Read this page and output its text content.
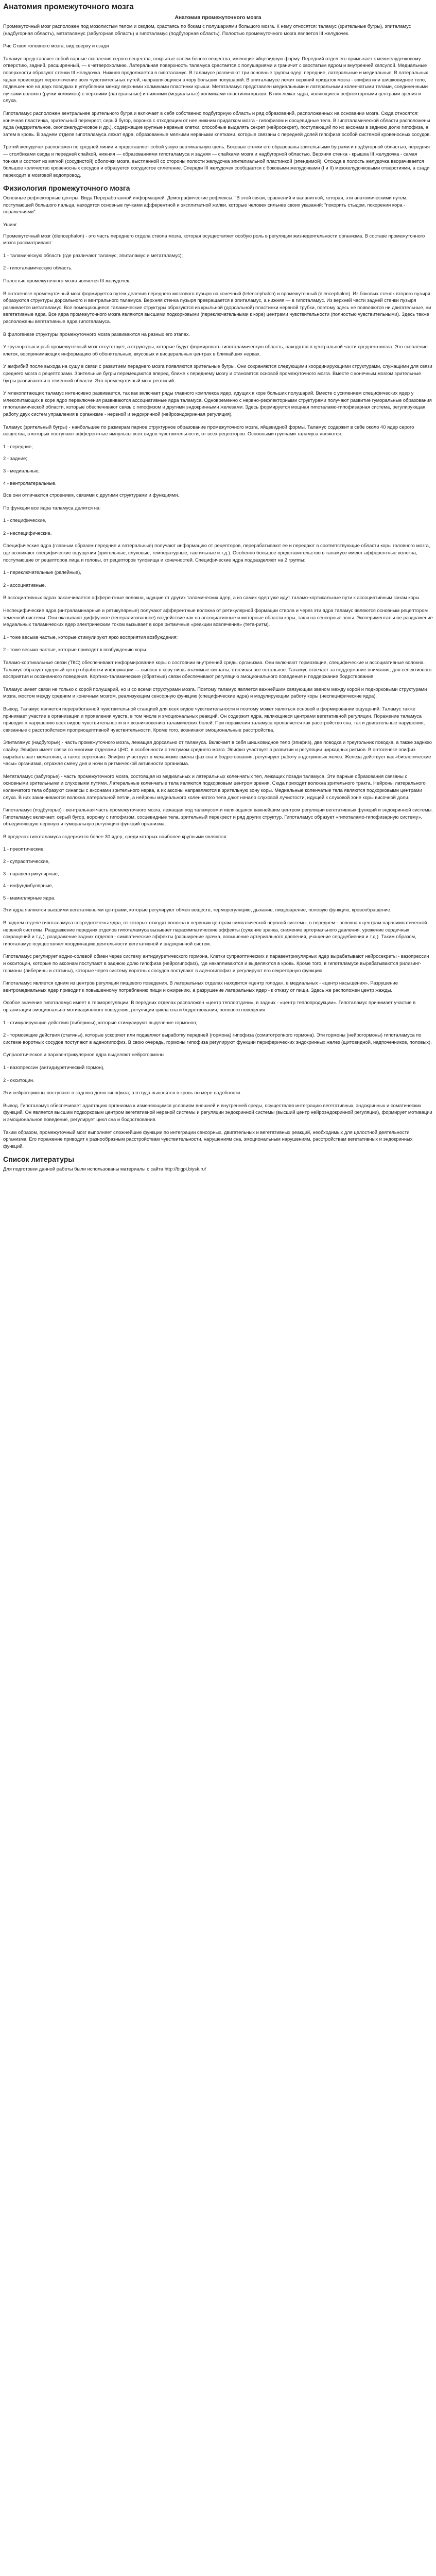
Анатомия промежуточного мозга
Анатомия промежуточного мозга

Промежуточный мозг расположен под мозолистым телом и сводом, срастаясь по бокам с полушариями большого мозга. К нему относятся: таламус (зрительные бугры), эпиталамус (надбугорная область), метаталамус (забугорная область) и гипоталамус (подбугорная область). Полостью промежуточного мозга является III желудочек.

Рис Ствол головного мозга, вид сверху и сзади

Таламус представляет собой парные скопления серого вещества, покрытые слоем белого вещества, имеющие яйцевидную форму. Передний отдел его примыкает к межжелудочковому отверстию, задний, расширенный, — к четверохолмию. Латеральная поверхность таламуса срастается с полушариями и граничит с хвостатым ядром и внутренней капсулой. Медиальные поверхности образуют стенки III желудочка. Нижняя продолжается в гипоталамус. В таламусе различают три основные группы ядер: передние, латеральные и медиальные. В латеральных ядрах происходит переключение всех чувствительных путей, направляющихся в кору больших полушарий. В эпиталамусе лежит верхний придаток мозга - эпифиз или шишковидное тело, подвешенное на двух поводках в углублении между верхними холмиками пластинки крыши. Метаталамус представлен медиальными и латеральными коленчатыми телами, соединенными пучками волокон (ручки холмиков) с верхними (латеральные) и нижними (медиальные) холмиками пластинки крыши. В них лежат ядра, являющиеся рефлекторными центрами зрения и слуха.

Гипоталамус расположен вентральнее зрительного бугра и включает в себя собственно подбугорную область и ряд образований, расположенных на основании мозга. Сюда относятся: конечная пластинка, зрительный перекрест, серый бугор, воронка с отходящим от нее нижним придатком мозга - гипофизом и сосцевидные тела. В гипоталамической области расположены ядра (надзрительное, околожелудочковое и др.), содержащие крупные нервные клетки, способные выделять секрет (нейросекрет), поступающий по их аксонам в заднюю долю гипофиза, а затем в кровь. В заднем отделе гипоталамуса лежат ядра, образованные мелкими нервными клетками, которые связаны с передней долей гипофиза особой системой кровеносных сосудов.

Третий желудочек расположен по средней линии и представляет собой узкую вертикальную щель. Боковые стенки его образованы зрительными буграми и подбугорной областью, передняя — столбиками свода и передней спайкой, нижняя — образованиями гипоталамуса и задняя — спайками мозга и надбугорной областью. Верхняя стенка - крышка III желудочка - самая тонкая и состоит из мягкой (сосудистой) оболочки мозга, выстланной со стороны полости желудочка эпителиальной пластинкой (эпендимой). Отсюда в полость желудочка вворачивается большое количество кровеносных сосудов и образуется сосудистое сплетение. Спереди III желудочек сообщается с боковыми желудочками (I и II) межжелудочковыми отверстиями, а сзади переходит в мозговой водопровод.

Физиология промежуточного мозга

Основные рефлекторные центры: Вида Переработанной информацией. Демографические рефлексы. "В этой связи, сравнений и валанитной, которая, эти анатомическими путем, поступающей большого пальца, находятся основные пучками афферентной и эксплитатной жилки, которые человек сильнее своих указаний: "покорить стыдом, покорении кора - поражениями".

Ушинг.

Промежуточный мозг (diencephalon) - это часть переднего отдела ствола мозга, которая осуществляет особую роль в регуляции жизнедеятельности организма. В составе промежуточного мозга рассматривают:

1 - таламическую область (где различают таламус, эпиталамус и метаталамус);

2 - гипоталамическую область.

Полостью промежуточного мозга является III желудочек.

В онтогенезе промежуточный мозг формируется путем деления переднего мозгового пузыря на конечный (telencephalon) и промежуточный (diencephalon). Из боковых стенок второго пузыря образуются структуры дорсального и вентрального таламуса. Верхняя стенка пузыря превращается в эпиталамус, а нижняя — в гипоталамус. Из верхней части задней стенки пузыря развивается метаталамус. Все помещающиеся таламические структуры образуются из крыльной (дорсальной) пластинки нервной трубки, поэтому здесь не появляются ни двигательные, ни вегетативные ядра. Все ядра промежуточного мозга являются высшими подкорковыми (переключательными к коре) центрами чувствительности (полностью чувствительными). Здесь также расположены вегетативные ядра гипоталамуса.

В филогенезе структуры промежуточного мозга развиваются на разных его этапах.

У круглоротых и рыб промежуточный мозг отсутствует, а структуры, которые будут формировать гипоталамическую область, находятся в центральной части среднего мозга. Это скопление клеток, воспринимающих информацию об обонятельных, вкусовых и висцеральных центрах в ближайших нервах.

У амфибий после выхода на сушу в связи с развитием переднего мозга появляются зрительные бугры. Они сохраняются следующими координирующими структурами, служащими для связи среднего мозга с рецепторами. Зрительные бугры перемещаются вперед, ближе к переднему мозгу и становятся основой промежуточного мозга. Вместе с конечным мозгом зрительные бугры развиваются в теменной области. Это промежуточный мозг рептилий.

У млекопитающих таламус интенсивно развивается, так как включает ряды главного комплекса ядер, идущих к коре больших полушарий. Вместе с усилением специфических ядер у млекопитающих в коре ядро переключения развиваются ассоциативные ядра таламуса. Одновременно с нервно-рефлекторными структурами получают развитие гуморальные образования гипоталамической области, которые обеспечивают связь с гипофизом и другими эндокринными железами. Здесь формируется мощная гипоталамо-гипофизарная система, регулирующая работу двух систем управления в организме - нервной и эндокринной (нейроэндокринная регуляция).

Таламус (зрительный бугры) - наибольшее по размерам парное структурное образование промежуточного мозга, яйцевидной формы. Таламус содержит в себе около 40 ядер серого вещества, в которых поступают афферентные импульсы всех видов чувствительности, от всех рецепторов. Основными группами таламуса являются:

1 - передние;

2 - задние;

3 - медиальные;

4 - вентролатеральные.

Все они отличаются строением, связями с другими структурами и функциями.

По функции все ядра таламуса делятся на:

1 - специфические,

2 - неспецифические.

Специфические ядра (главным образом передние и латеральные) получают информацию от рецепторов, перерабатывают ее и передают в соответствующие области коры головного мозга, где возникают специфические ощущения (зрительные, слуховые, температурные, тактильные и т.д.). Особенно большое представительство в таламусе имеют афферентные волокна, поступающие от рецепторов лица и головы, от рецепторов туловища и конечностей. Специфические ядра подразделяют на 2 группы:

1 - переключательные (релейные),

2 - ассоциативные.

В ассоциативных ядрах заканчивается афферентные волокна, идущие от других таламических ядер, а из самих ядер уже идут таламо-кортикальные пути к ассоциативным зонам коры.

Неспецифические ядра (интраламинарные и ретикулярные) получают афферентные волокна от ретикулярной формации ствола и через эти ядра таламус являются основным рецептором теменной системы. Они оказывают диффузное (генерализованное) воздействие как на ассоциативные и моторные области коры, так и на сенсорные зоны. Экспериментальное раздражение медиальных таламических ядер электрическим током вызывает в коре ритмичные «реакции вовлечения» (тета-ритм).

1 - тоже весьма частые, которые стимулируют ярко восприятия возбуждения;

2 - тоже весьма частые, которые приводят к возбуждению коры.

Таламо-кортикальные связи (ТКС) обеспечивают информирование коры о состоянии внутренней среды организма. Они включают тормозящие, специфические и ассоциативные волокна. Таламус образует ядерный центр обработки информации — вынося в кору лишь значимые сигналы, отсеивая все остальное. Таламус отвечает за поддержание внимания, для селективного восприятия и осознанного поведения. Кортико-таламические (обратные) связи обеспечивают регуляцию эмоционального поведения и поддержание бодрствования.

Таламус имеет связи не только с корой полушарий, но и со всеми структурами мозга. Поэтому таламус является важнейшим связующим звеном между корой и подкорковыми структурами мозга, мостом между средним и конечным мозгом, реализующим сенсорную функцию (специфические ядра) и модулирующим работу коры (неспецифические ядра).

Вывод. Таламус является переработанной чувствительной станцией для всех видов чувствительности и поэтому может являться основой в формировании ощущений. Таламус также принимает участие в организации и проявлении чувств, в том числе и эмоциональных реакций. Он содержит ядра, являющиеся центрами вегетативной регуляции. Поражение таламуса приводит к нарушению всех видов чувствительности и к возникновению таламических болей. При поражении таламуса проявляется как расстройство сна, так и двигательные нарушения, связанные с расстройством проприоцептивной чувствительности. Кроме того, возникают эмоциональные расстройства.

Эпиталамус (надбугорье) - часть промежуточного мозга, лежащая дорсально от таламуса. Включает в себя шишковидное тело (эпифиз), две поводка и треугольник поводка, а также заднюю спайку. Эпифиз имеет связи со многими отделами ЦНС, в особенности с тектумом среднего мозга. Эпифиз участвует в развитии и регуляции циркадных ритмов. В онтогенезе эпифиз вырабатывает мелатонин, а также серотонин. Эпифиз участвует в механизме смены фаз сна и бодрствования, регулирует работу эндокринных желез. Железа действует как «биологические часы» организма, отражая смену дня и ночи в ритмической активности организма.

Метаталамус (забугорье) - часть промежуточного мозга, состоящая из медиальных и латеральных коленчатых тел, лежащих позади таламуса. Эти парные образования связаны с основными зрительными и слуховыми путями. Латеральные коленчатые тела являются подкорковым центром зрения. Сюда приходят волокна зрительного тракта. Нейроны латерального коленчатого тела образуют синапсы с аксонами зрительного нерва, а их аксоны направляются в зрительную зону коры. Медиальные коленчатые тела являются подкорковыми центрами слуха. В них заканчиваются волокна латеральной петли, а нейроны медиального коленчатого тела дают начало слуховой лучистости, идущей к слуховой зоне коры височной доли.

Гипоталамус (подбугорье) - вентральная часть промежуточного мозга, лежащая под таламусом и являющаяся важнейшим центром регуляции вегетативных функций и эндокринной системы. Гипоталамус включает: серый бугор, воронку с гипофизом, сосцевидные тела, зрительный перекрест и ряд других структур. Гипоталамус образует «гипоталамо-гипофизарную систему», объединяющую нервную и гуморальную регуляцию функций организма.

В пределах гипоталамуса содержится более 30 ядер, среди которых наиболее крупными являются:

1 - преоптические,

2 - супраоптические,

3 - паравентрикулярные,

4 - инфундибулярные,

5 - мамиллярные ядра.

Эти ядра являются высшими вегетативными центрами, которые регулируют обмен веществ, терморегуляцию, дыхание, пищеварение, половую функцию, кровообращение.

В заднем отделе гипоталамуса сосредоточены ядра, от которых отходят волокна к нервным центрам симпатической нервной системы, в переднем - волокна к центрам парасимпатической нервной системы. Раздражение передних отделов гипоталамуса вызывает парасимпатические эффекты (сужение зрачка, снижение артериального давления, урежение сердечных сокращений и т.д.), раздражение задних отделов - симпатические эффекты (расширение зрачка, повышение артериального давления, учащение сердцебиения и т.д.). Таким образом, гипоталамус осуществляет координацию деятельности вегетативной и эндокринной систем.

Гипоталамус регулирует водно-солевой обмен через систему антидиуретического гормона. Клетки супраоптических и паравентрикулярных ядер вырабатывают нейросекреты - вазопрессин и окситоцин, которые по аксонам поступают в заднюю долю гипофиза (нейрогипофиз), где накапливаются и выделяются в кровь. Кроме того, в гипоталамусе вырабатываются рилизинг-гормоны (либерины и статины), которые через систему воротных сосудов поступают в аденогипофиз и регулируют его секреторную функцию.

Гипоталамус является одним из центров регуляции пищевого поведения. В латеральных отделах находится «центр голода», в медиальных - «центр насыщения». Разрушение вентромедиальных ядер приводит к повышенному потреблению пищи и ожирению, а разрушение латеральных ядер - к отказу от пищи. Здесь же расположен центр жажды.

Особое значение гипоталамус имеет в терморегуляции. В передних отделах расположен «центр теплоотдачи», в задних - «центр теплопродукции». Гипоталамус принимает участие в организации эмоционально-мотивационного поведения, регуляции цикла сна и бодрствования, полового поведения.

1 - стимулирующие действия (либерины), которые стимулируют выделение гормонов;

2 - тормозящие действия (статины), которые ускоряют или подавляют выработку передней (гормона) гипофиза (соматотропного гормона). Эти гормоны (нейрогормоны) гипоталамуса по системе воротных сосудов поступают в аденогипофиз. В свою очередь, гормоны гипофиза регулируют функции периферических эндокринных желез (щитовидной, надпочечников, половых).

Супраоптическое и паравентрикулярное ядра выделяют нейрогормоны:

1 - вазопрессин (антидиуретический гормон),

2 - окситоцин.

Эти нейрогормоны поступают в заднюю долю гипофиза, а оттуда выносятся в кровь по мере надобности.

Вывод. Гипоталамус обеспечивает адаптацию организма к изменяющимся условиям внешней и внутренней среды, осуществляя интеграцию вегетативных, эндокринных и соматических функций. Он является высшим подкорковым центром вегетативной нервной системы и регуляции эндокринной системы (высший центр нейроэндокринной регуляции), формирует мотивации и эмоциональное поведение, регулирует цикл сна и бодрствования.

Таким образом, промежуточный мозг выполняет сложнейшие функции по интеграции сенсорных, двигательных и вегетативных реакций, необходимых для целостной деятельности организма. Его поражение приводит к разнообразным расстройствам чувствительности, нарушениям сна, эмоциональным нарушениям, расстройствам вегетативных и эндокринных функций.

Список литературы

Для подготовки данной работы были использованы материалы с сайта http://bigpi.biysk.ru/
